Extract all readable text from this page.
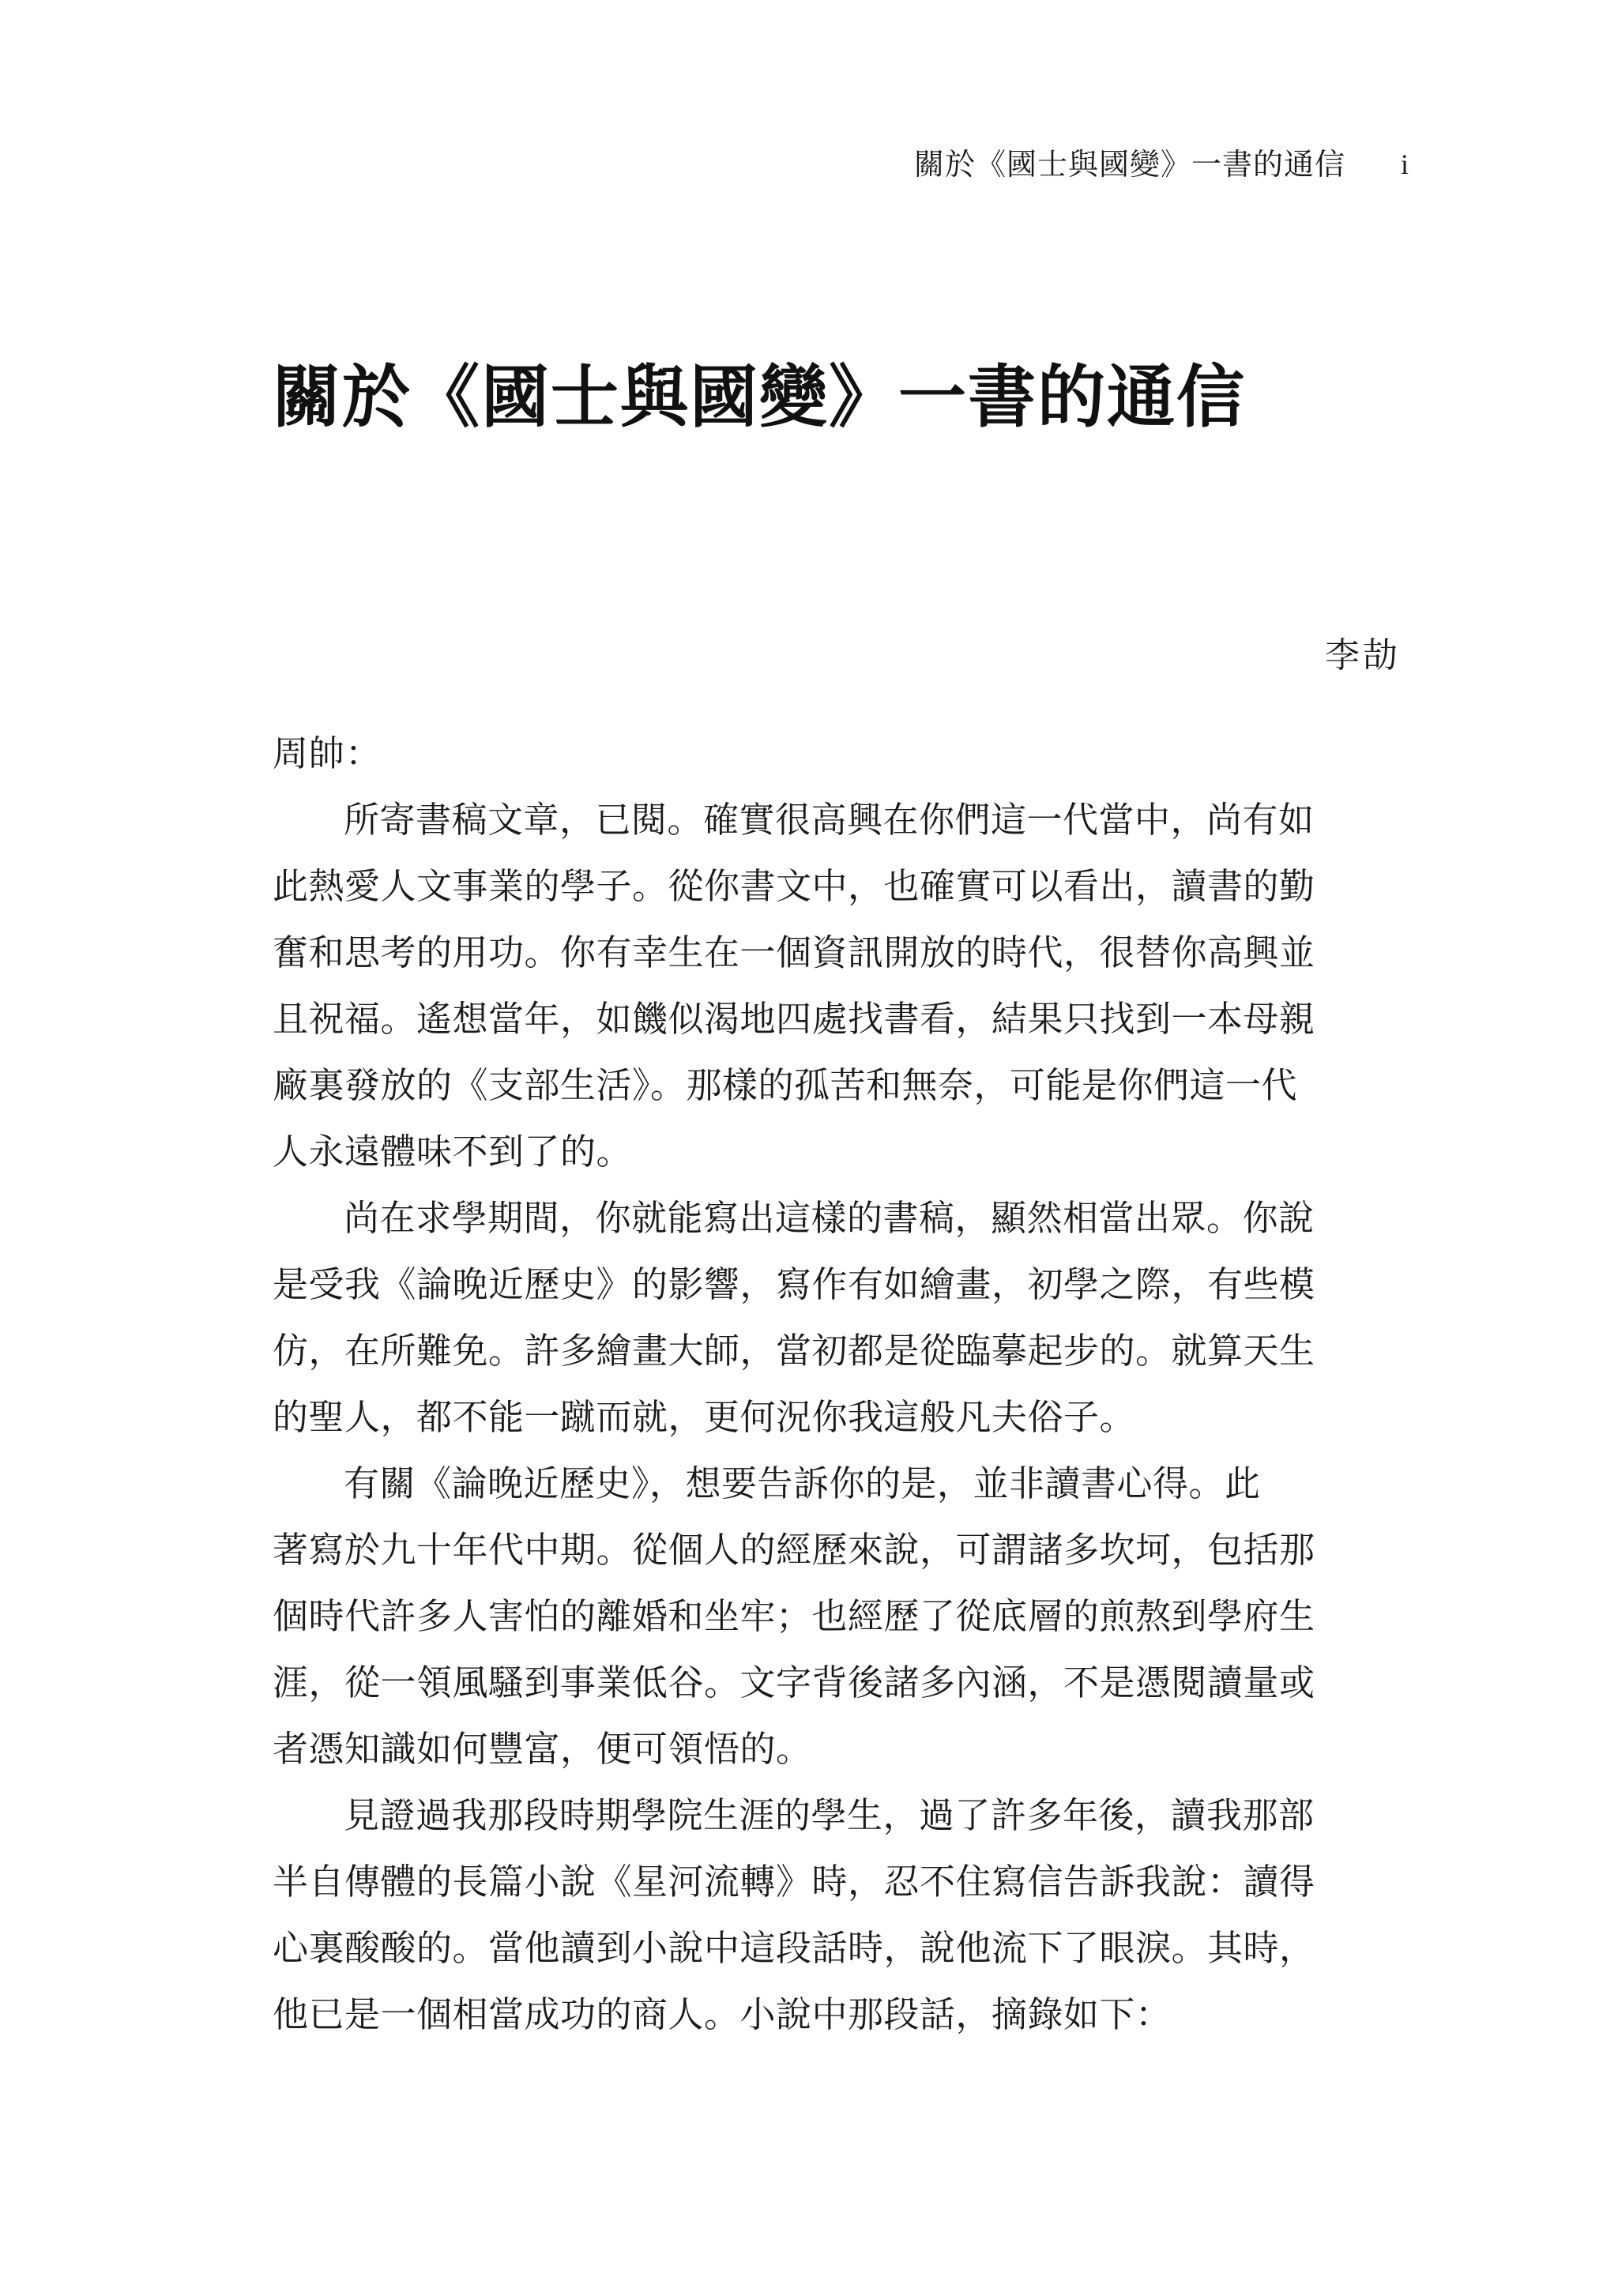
關於《國士與國變》一書的通信 i
關於《國士與國變》一書的通信
李劼

周帥：

所寄書稿文章，已閱。確實很高興在你們這一代當中，尚有如
此熱愛人文事業的學子。從你書文中，也確實可以看出，讀書的勤
奮和思考的用功。你有幸生在一個資訊開放的時代，很替你高興並
且祝福。遙想當年，如饑似渴地四處找書看，結果只找到一本母親
廠裏發放的《支部生活》。那樣的孤苦和無奈，可能是你們這一代
人永遠體味不到了的。

尚在求學期間，你就能寫出這樣的書稿，顯然相當出眾。你說
是受我《論晚近歷史》的影響，寫作有如繪畫，初學之際，有些模
仿，在所難免。許多繪畫大師，當初都是從臨摹起步的。就算天生
的聖人，都不能一蹴而就，更何況你我這般凡夫俗子。

有關《論晚近歷史》，想要告訴你的是，並非讀書心得。此
著寫於九十年代中期。從個人的經歷來說，可謂諸多坎坷，包括那
個時代許多人害怕的離婚和坐牢；也經歷了從底層的煎熬到學府生
涯，從一領風騷到事業低谷。文字背後諸多內涵，不是憑閱讀量或
者憑知識如何豐富，便可領悟的。

見證過我那段時期學院生涯的學生，過了許多年後，讀我那部
半自傳體的長篇小說《星河流轉》時，忍不住寫信告訴我說：讀得
心裏酸酸的。當他讀到小說中這段話時，說他流下了眼淚。其時，
他已是一個相當成功的商人。小說中那段話，摘錄如下：
